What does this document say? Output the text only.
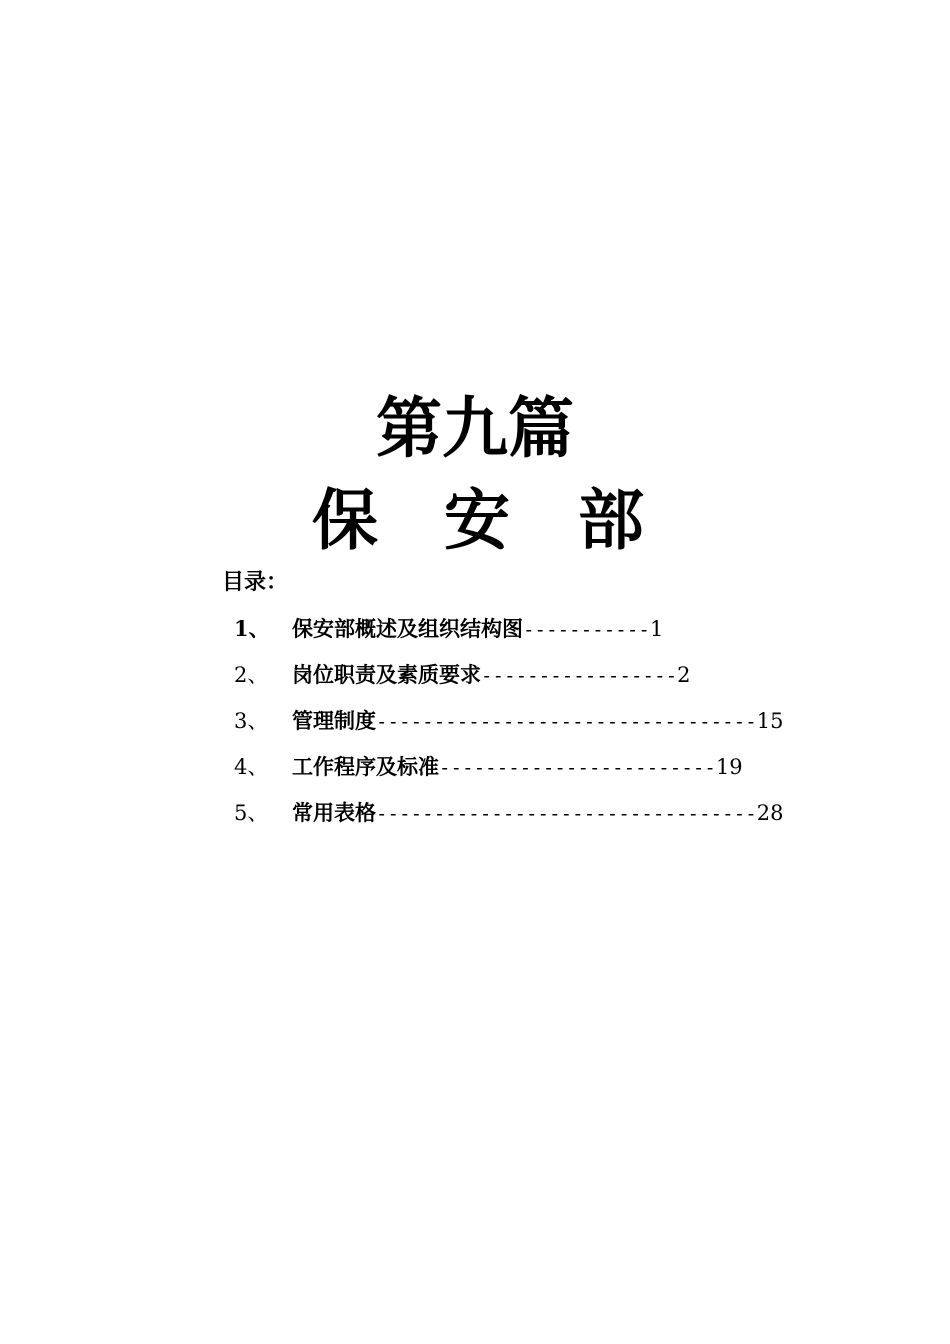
第九篇
保 安 部
目录：
1、 保安部概述及组织结构图-----------1
2、 岗位职责及素质要求-----------------2
3、 管理制度---------------------------------15
4、 工作程序及标准------------------------19
5、 常用表格---------------------------------28
